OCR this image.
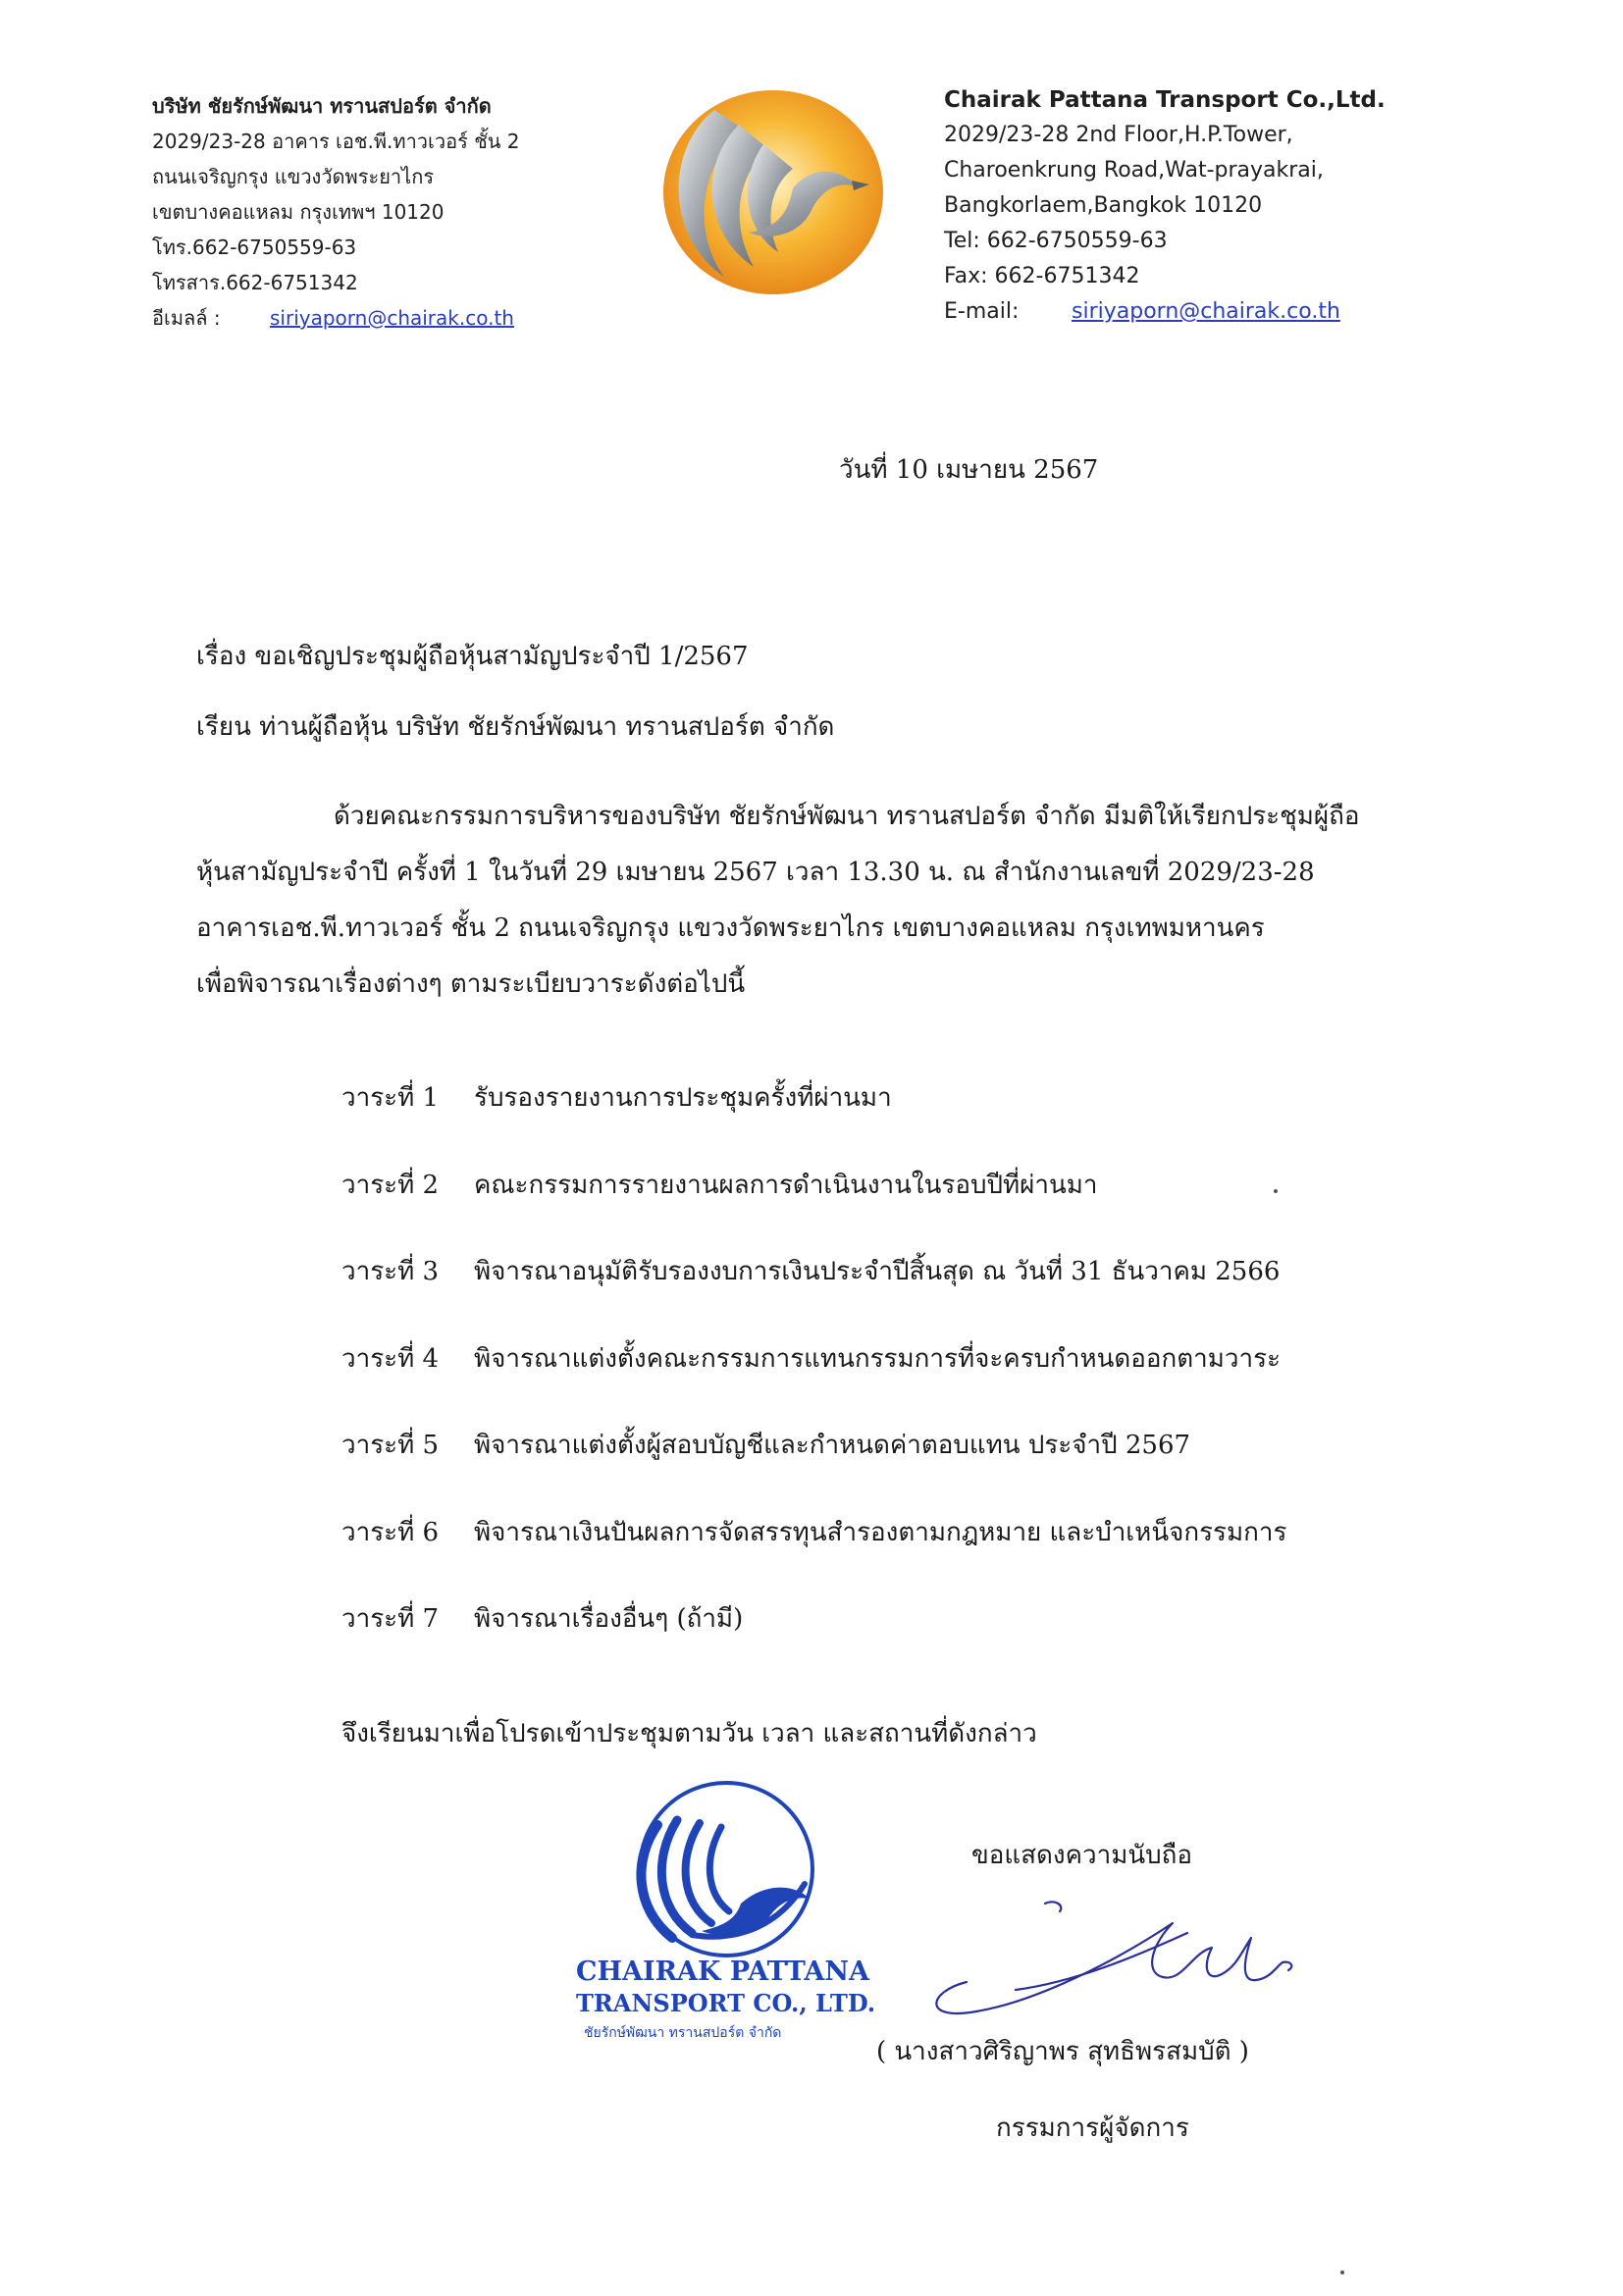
บริษัท ชัยรักษ์พัฒนา ทรานสปอร์ต จำกัด
2029/23-28 อาคาร เอช.พี.ทาวเวอร์ ชั้น 2
ถนนเจริญกรุง แขวงวัดพระยาไกร
เขตบางคอแหลม กรุงเทพฯ 10120
โทร.662-6750559-63
โทรสาร.662-6751342
อีเมลล์ :	siriyaporn@chairak.co.th
Chairak Pattana Transport Co.,Ltd.
2029/23-28 2nd Floor,H.P.Tower,
Charoenkrung Road,Wat-prayakrai,
Bangkorlaem,Bangkok 10120
Tel: 662-6750559-63
Fax: 662-6751342
E-mail: siriyaporn@chairak.co.th
วันที่ 10 เมษายน 2567
เรื่อง ขอเชิญประชุมผู้ถือหุ้นสามัญประจำปี 1/2567
เรียน ท่านผู้ถือหุ้น บริษัท ชัยรักษ์พัฒนา ทรานสปอร์ต จำกัด
ด้วยคณะกรรมการบริหารของบริษัท ชัยรักษ์พัฒนา ทรานสปอร์ต จำกัด มีมติให้เรียกประชุมผู้ถือ
หุ้นสามัญประจำปี ครั้งที่ 1 ในวันที่ 29 เมษายน 2567 เวลา 13.30 น. ณ สำนักงานเลขที่ 2029/23-28
อาคารเอช.พี.ทาวเวอร์ ชั้น 2 ถนนเจริญกรุง แขวงวัดพระยาไกร เขตบางคอแหลม กรุงเทพมหานคร
เพื่อพิจารณาเรื่องต่างๆ ตามระเบียบวาระดังต่อไปนี้
วาระที่ 1 รับรองรายงานการประชุมครั้งที่ผ่านมา
วาระที่ 2 คณะกรรมการรายงานผลการดำเนินงานในรอบปีที่ผ่านมา
วาระที่ 3 พิจารณาอนุมัติรับรองงบการเงินประจำปีสิ้นสุด ณ วันที่ 31 ธันวาคม 2566
วาระที่ 4 พิจารณาแต่งตั้งคณะกรรมการแทนกรรมการที่จะครบกำหนดออกตามวาระ
วาระที่ 5 พิจารณาแต่งตั้งผู้สอบบัญชีและกำหนดค่าตอบแทน ประจำปี 2567
วาระที่ 6 พิจารณาเงินปันผลการจัดสรรทุนสำรองตามกฎหมาย และบำเหน็จกรรมการ
วาระที่ 7 พิจารณาเรื่องอื่นๆ (ถ้ามี)
จึงเรียนมาเพื่อโปรดเข้าประชุมตามวัน เวลา และสถานที่ดังกล่าว
CHAIRAK PATTANA
TRANSPORT CO., LTD.
ชัยรักษ์พัฒนา ทรานสปอร์ต จำกัด
ขอแสดงความนับถือ
( นางสาวศิริญาพร สุทธิพรสมบัติ )
กรรมการผู้จัดการ
